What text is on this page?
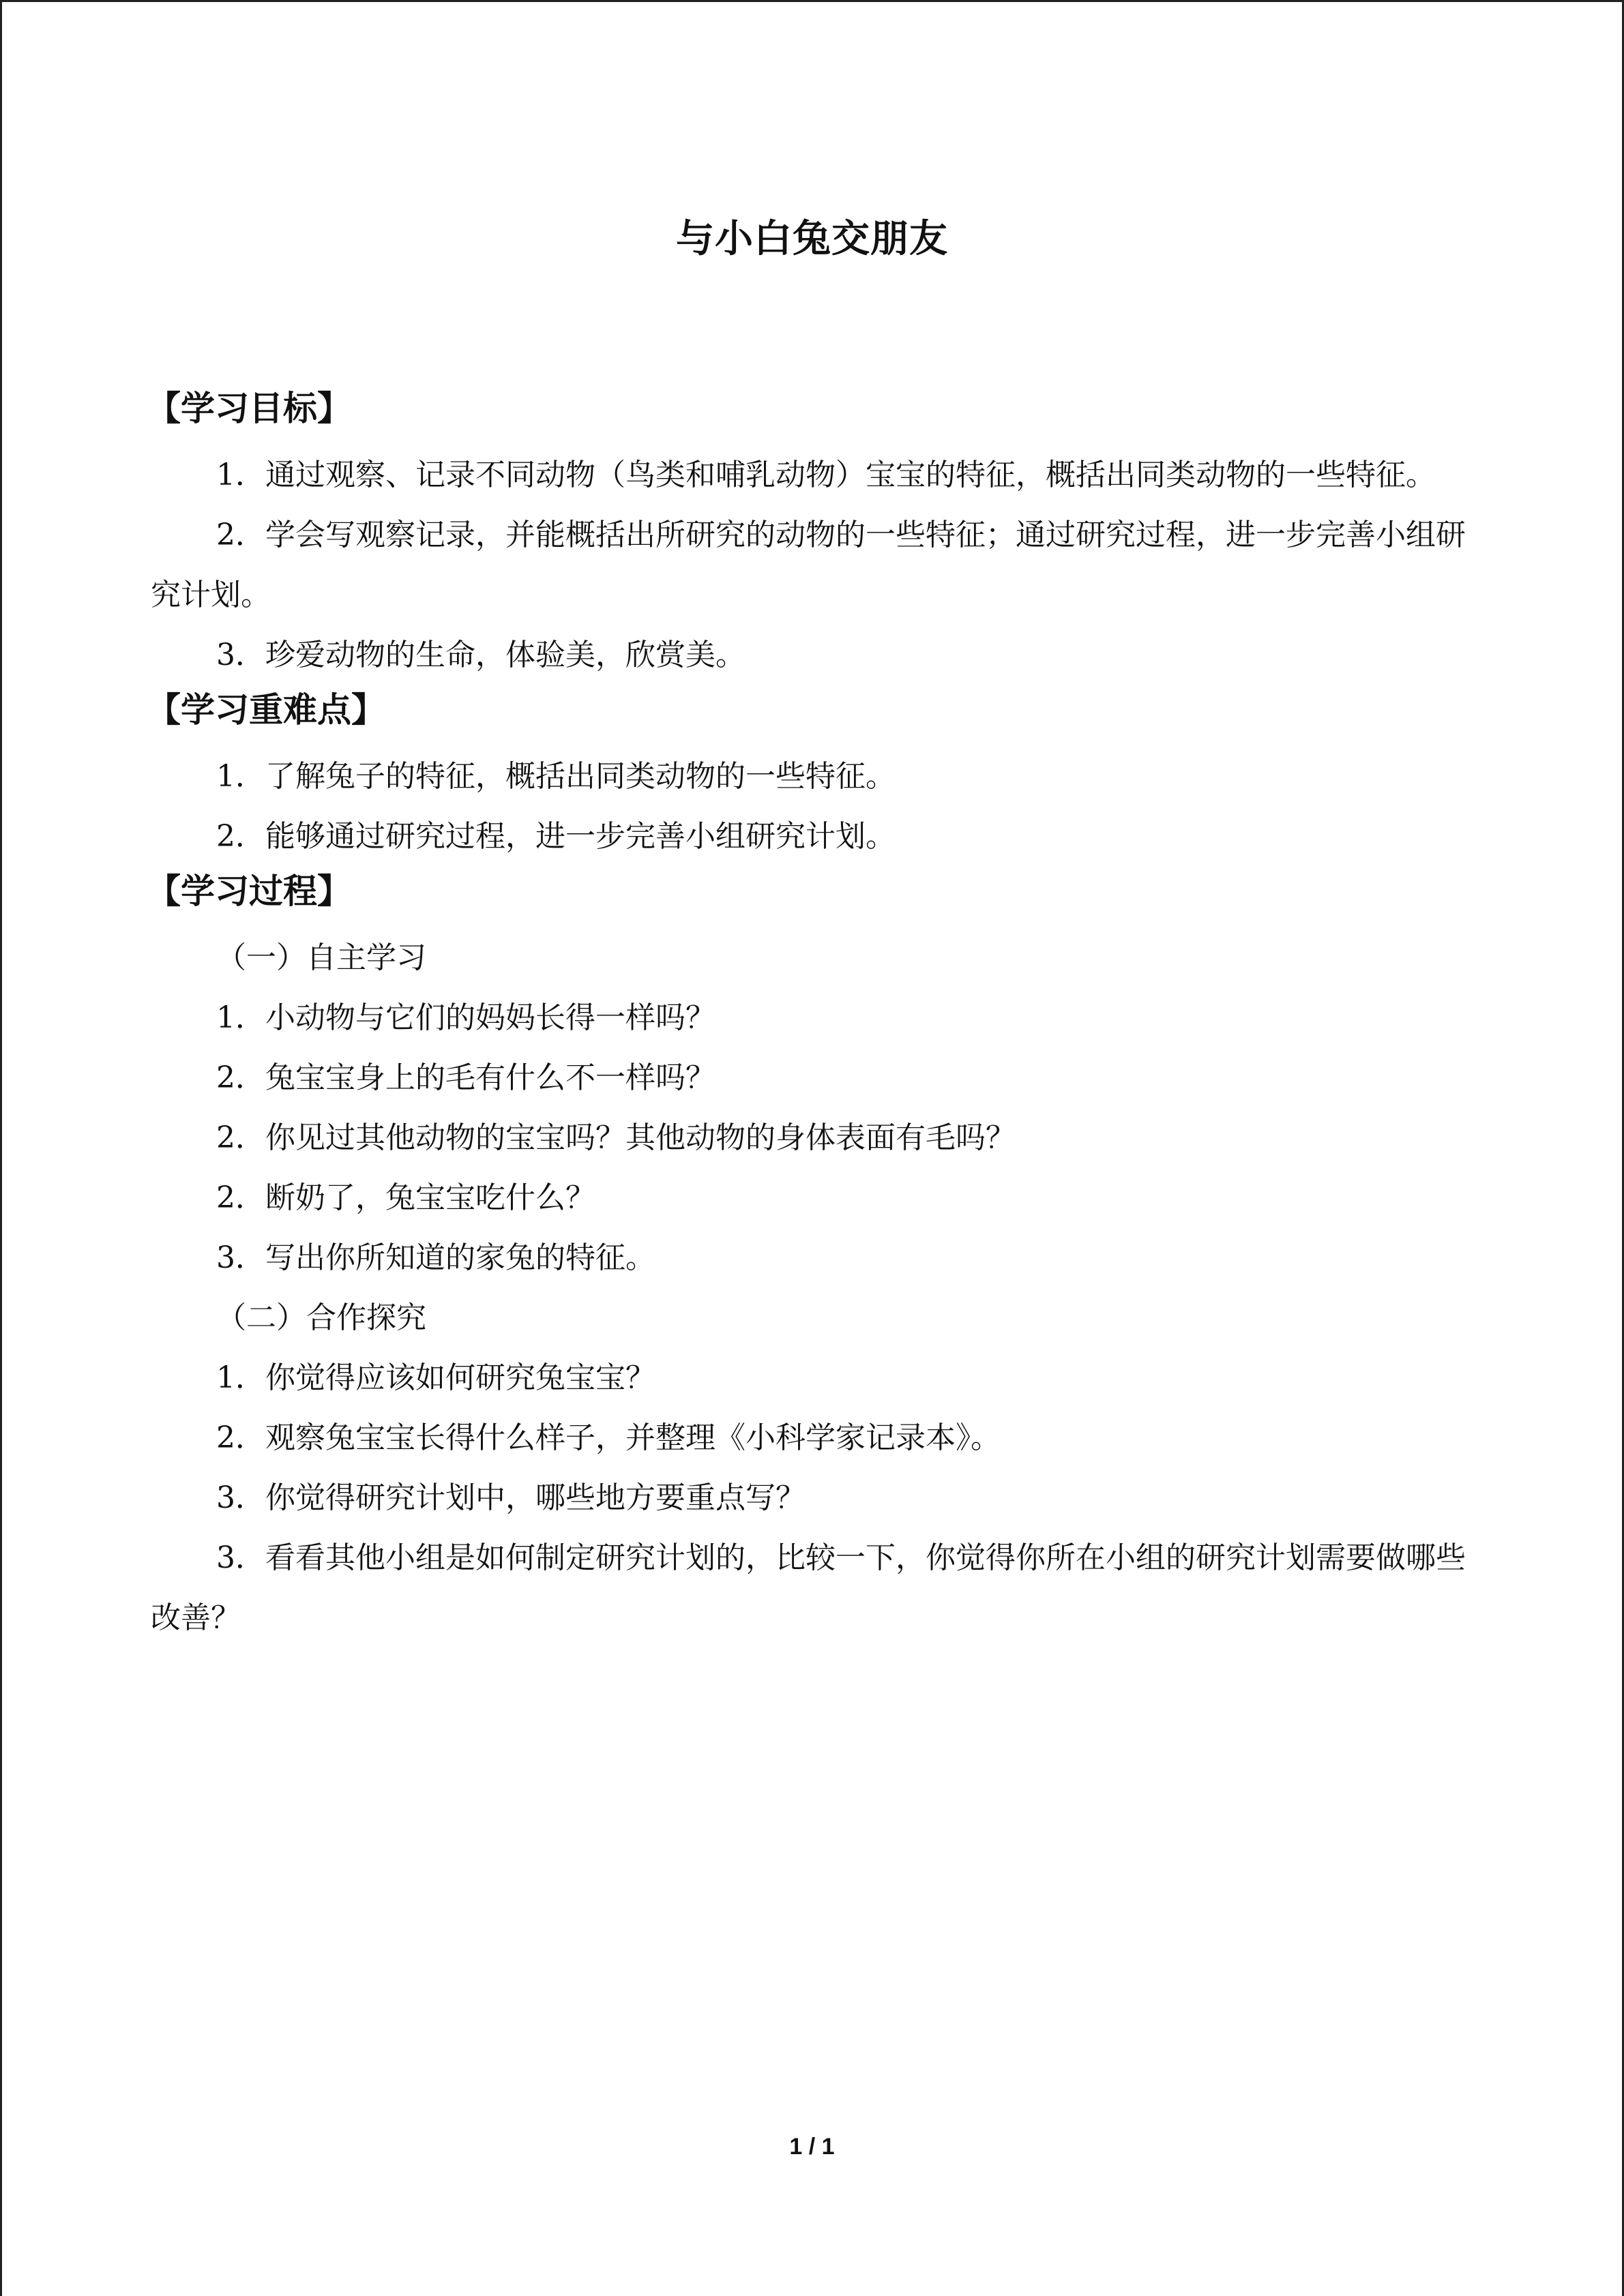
与小白兔交朋友
【学习目标】

1．通过观察、记录不同动物（鸟类和哺乳动物）宝宝的特征，概括出同类动物的一些特征。

2．学会写观察记录，并能概括出所研究的动物的一些特征；通过研究过程，进一步完善小组研究计划。

3．珍爱动物的生命，体验美，欣赏美。

【学习重难点】

1．了解兔子的特征，概括出同类动物的一些特征。

2．能够通过研究过程，进一步完善小组研究计划。

【学习过程】

（一）自主学习

1．小动物与它们的妈妈长得一样吗？

2．兔宝宝身上的毛有什么不一样吗？

2．你见过其他动物的宝宝吗？其他动物的身体表面有毛吗？

2．断奶了，兔宝宝吃什么？

3．写出你所知道的家兔的特征。

（二）合作探究

1．你觉得应该如何研究兔宝宝？

2．观察兔宝宝长得什么样子，并整理《小科学家记录本》。

3．你觉得研究计划中，哪些地方要重点写？

3．看看其他小组是如何制定研究计划的，比较一下，你觉得你所在小组的研究计划需要做哪些改善？

1 / 1
